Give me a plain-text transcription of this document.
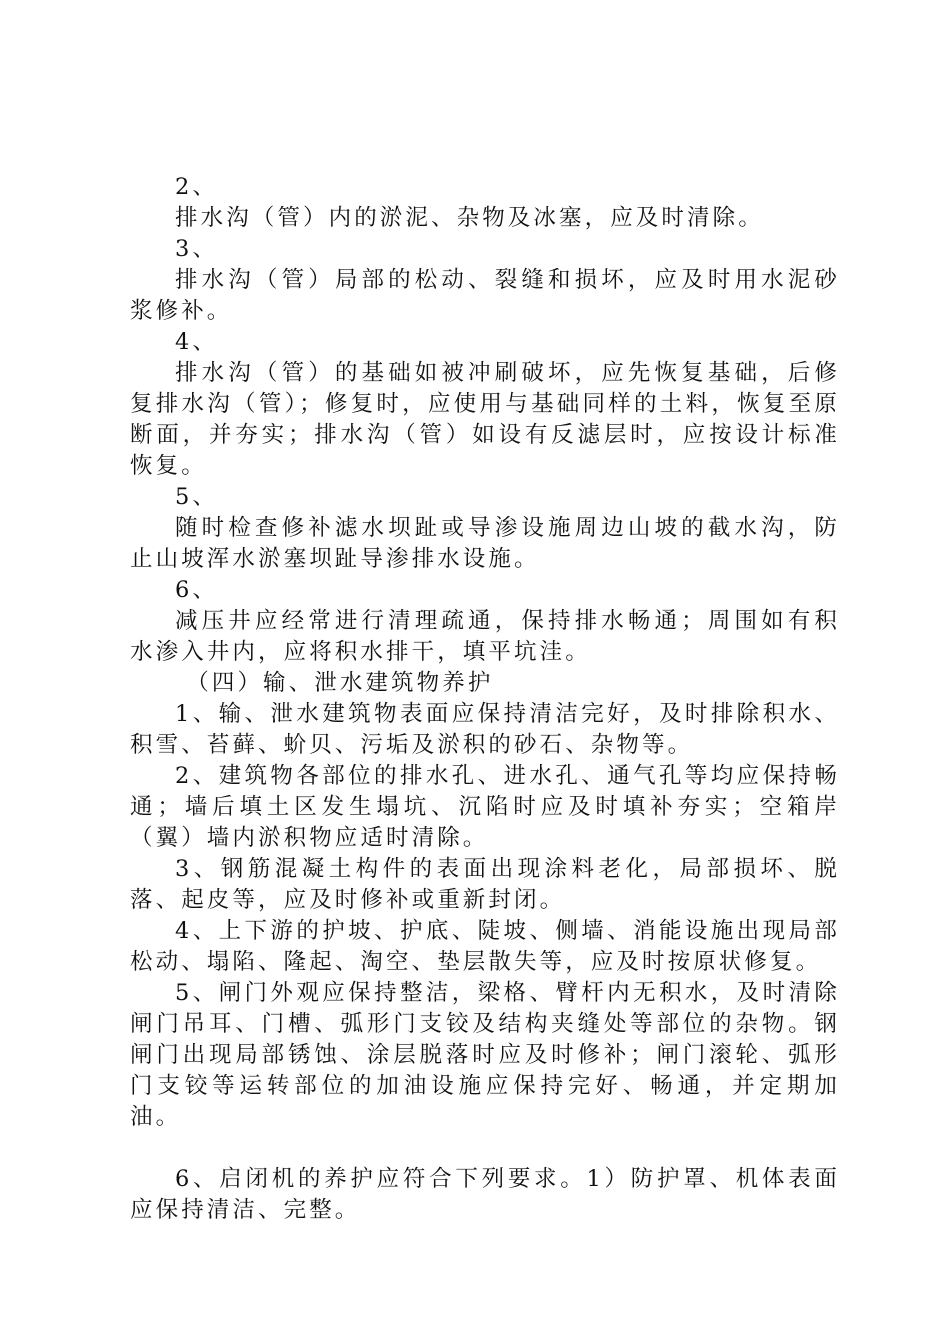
2、

排水沟（管）内的淤泥、杂物及冰塞，应及时清除。

3、

排水沟（管）局部的松动、裂缝和损坏，应及时用水泥砂浆修补。

4、

排水沟（管）的基础如被冲刷破坏，应先恢复基础，后修复排水沟（管）；修复时，应使用与基础同样的土料，恢复至原断面，并夯实；排水沟（管）如设有反滤层时，应按设计标准恢复。

5、

随时检查修补滤水坝趾或导渗设施周边山坡的截水沟，防止山坡浑水淤塞坝趾导渗排水设施。

6、

减压井应经常进行清理疏通，保持排水畅通；周围如有积水渗入井内，应将积水排干，填平坑洼。

（四）输、泄水建筑物养护

1、输、泄水建筑物表面应保持清洁完好，及时排除积水、积雪、苔藓、蚧贝、污垢及淤积的砂石、杂物等。

2、建筑物各部位的排水孔、进水孔、通气孔等均应保持畅通；墙后填土区发生塌坑、沉陷时应及时填补夯实；空箱岸（翼）墙内淤积物应适时清除。

3、钢筋混凝土构件的表面出现涂料老化，局部损坏、脱落、起皮等，应及时修补或重新封闭。

4、上下游的护坡、护底、陡坡、侧墙、消能设施出现局部松动、塌陷、隆起、淘空、垫层散失等，应及时按原状修复。

5、闸门外观应保持整洁，梁格、臂杆内无积水，及时清除闸门吊耳、门槽、弧形门支铰及结构夹缝处等部位的杂物。钢闸门出现局部锈蚀、涂层脱落时应及时修补；闸门滚轮、弧形门支铰等运转部位的加油设施应保持完好、畅通，并定期加油。

6、启闭机的养护应符合下列要求。1）防护罩、机体表面应保持清洁、完整。
